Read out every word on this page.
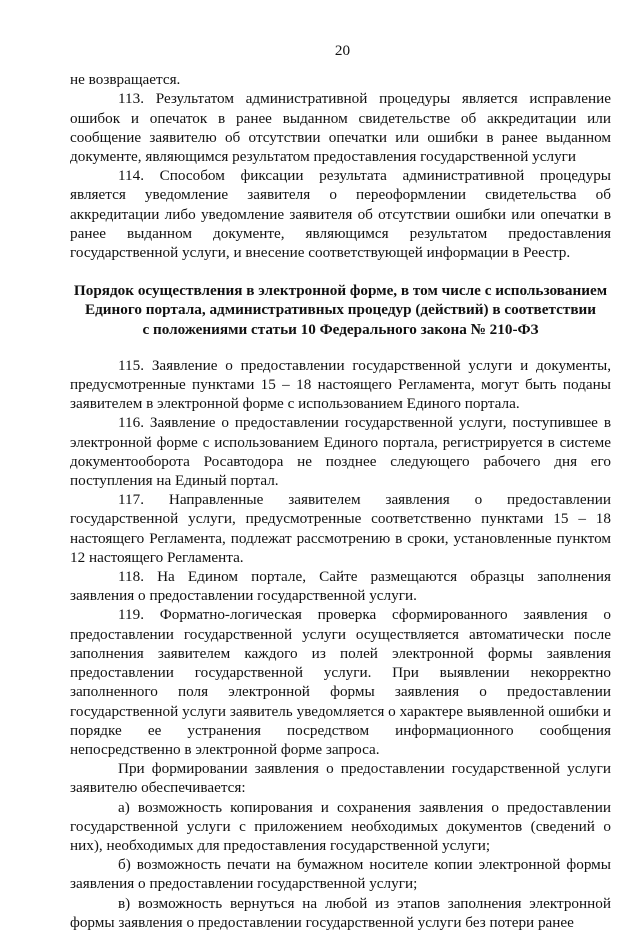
20

не возвращается.

113. Результатом административной процедуры является исправление ошибок и опечаток в ранее выданном свидетельстве об аккредитации или сообщение заявителю об отсутствии опечатки или ошибки в ранее выданном документе, являющимся результатом предоставления государственной услуги

114. Способом фиксации результата административной процедуры является уведомление заявителя о переоформлении свидетельства об аккредитации либо уведомление заявителя об отсутствии ошибки или опечатки в ранее выданном документе, являющимся результатом предоставления государственной услуги, и внесение соответствующей информации в Реестр.

Порядок осуществления в электронной форме, в том числе с использованием
Единого портала, административных процедур (действий) в соответствии
с положениями статьи 10 Федерального закона № 210-ФЗ

115. Заявление о предоставлении государственной услуги и документы, предусмотренные пунктами 15 – 18 настоящего Регламента, могут быть поданы заявителем в электронной форме с использованием Единого портала.

116. Заявление о предоставлении государственной услуги, поступившее в электронной форме с использованием Единого портала, регистрируется в системе документооборота Росавтодора не позднее следующего рабочего дня его поступления на Единый портал.

117. Направленные заявителем заявления о предоставлении государственной услуги, предусмотренные соответственно пунктами 15 – 18 настоящего Регламента, подлежат рассмотрению в сроки, установленные пунктом 12 настоящего Регламента.

118. На Едином портале, Сайте размещаются образцы заполнения заявления о предоставлении государственной услуги.

119. Форматно-логическая проверка сформированного заявления о предоставлении государственной услуги осуществляется автоматически после заполнения заявителем каждого из полей электронной формы заявления предоставлении государственной услуги. При выявлении некорректно заполненного поля электронной формы заявления о предоставлении государственной услуги заявитель уведомляется о характере выявленной ошибки и порядке ее устранения посредством информационного сообщения непосредственно в электронной форме запроса.

При формировании заявления о предоставлении государственной услуги заявителю обеспечивается:

а) возможность копирования и сохранения заявления о предоставлении государственной услуги с приложением необходимых документов (сведений о них), необходимых для предоставления государственной услуги;

б) возможность печати на бумажном носителе копии электронной формы заявления о предоставлении государственной услуги;

в) возможность вернуться на любой из этапов заполнения электронной формы заявления о предоставлении государственной услуги без потери ранее
